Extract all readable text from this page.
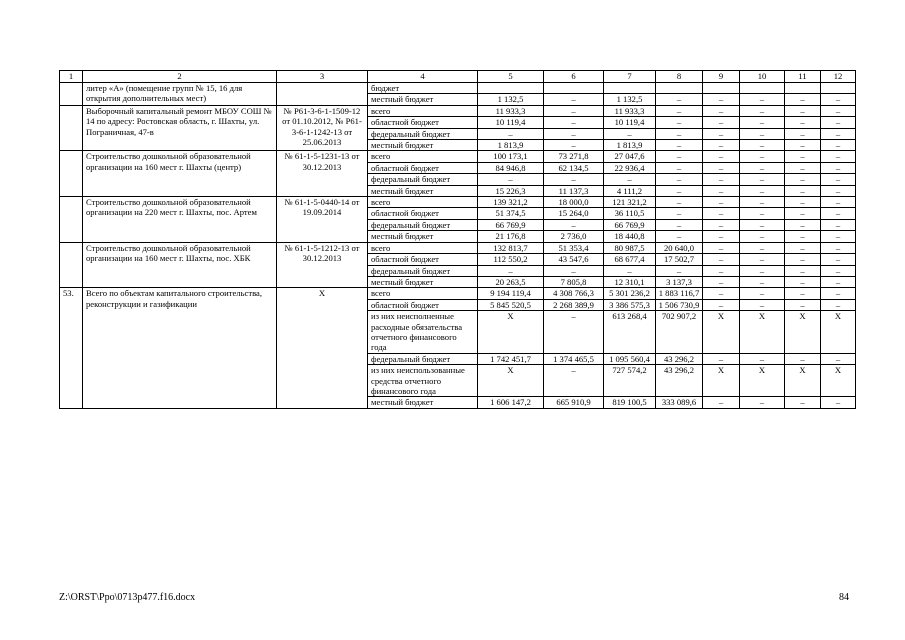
1	2	3	4	5	6	7	8	9	10	11	12
	литер «А» (помещение групп № 15, 16 для открытия дополнительных мест)		бюджет								
			местный бюджет	1 132,5	–	1 132,5	–	–	–	–	–
	Выборочный капитальный ремонт МБОУ СОШ № 14 по адресу: Ростовская область, г. Шахты, ул. Пограничная, 47-в	№ Р61-3-6-1-1509-12 от 01.10.2012, № Р61-3-6-1-1242-13 от 25.06.2013	всего	11 933,3	–	11 933,3	–	–	–	–	–
			областной бюджет	10 119,4	–	10 119,4	–	–	–	–	–
			федеральный бюджет	–	–	–	–	–	–	–	–
			местный бюджет	1 813,9	–	1 813,9	–	–	–	–	–
	Строительство дошкольной образовательной организации на 160 мест г. Шахты (центр)	№ 61-1-5-1231-13 от 30.12.2013	всего	100 173,1	73 271,8	27 047,6	–	–	–	–	–
			областной бюджет	84 946,8	62 134,5	22 936,4	–	–	–	–	–
			федеральный бюджет	–	–	–	–	–	–	–	–
			местный бюджет	15 226,3	11 137,3	4 111,2	–	–	–	–	–
	Строительство дошкольной образовательной организации на 220 мест г. Шахты, пос. Артем	№ 61-1-5-0440-14 от 19.09.2014	всего	139 321,2	18 000,0	121 321,2	–	–	–	–	–
			областной бюджет	51 374,5	15 264,0	36 110,5	–	–	–	–	–
			федеральный бюджет	66 769,9	–	66 769,9	–	–	–	–	–
			местный бюджет	21 176,8	2 736,0	18 440,8	–	–	–	–	–
	Строительство дошкольной образовательной организации на 160 мест г. Шахты, пос. ХБК	№ 61-1-5-1212-13 от 30.12.2013	всего	132 813,7	51 353,4	80 987,5	20 640,0	–	–	–	–
			областной бюджет	112 550,2	43 547,6	68 677,4	17 502,7	–	–	–	–
			федеральный бюджет	–	–	–	–	–	–	–	–
			местный бюджет	20 263,5	7 805,8	12 310,1	3 137,3	–	–	–	–
53.	Всего по объектам капитального строительства, реконструкции и газификации	Х	всего	9 194 119,4	4 308 766,3	5 301 236,2	1 883 116,7	–	–	–	–
			областной бюджет	5 845 520,5	2 268 389,9	3 386 575,3	1 506 730,9	–	–	–	–
			из них неисполненные расходные обязательства отчетного финансового года	Х	–	613 268,4	702 907,2	Х	Х	Х	Х
			федеральный бюджет	1 742 451,7	1 374 465,5	1 095 560,4	43 296,2	–	–	–	–
			из них неиспользованные средства отчетного финансового года	Х	–	727 574,2	43 296,2	Х	Х	Х	Х
			местный бюджет	1 606 147,2	665 910,9	819 100,5	333 089,6	–	–	–	–
Z:\ORST\Ppo\0713p477.f16.docx	84
